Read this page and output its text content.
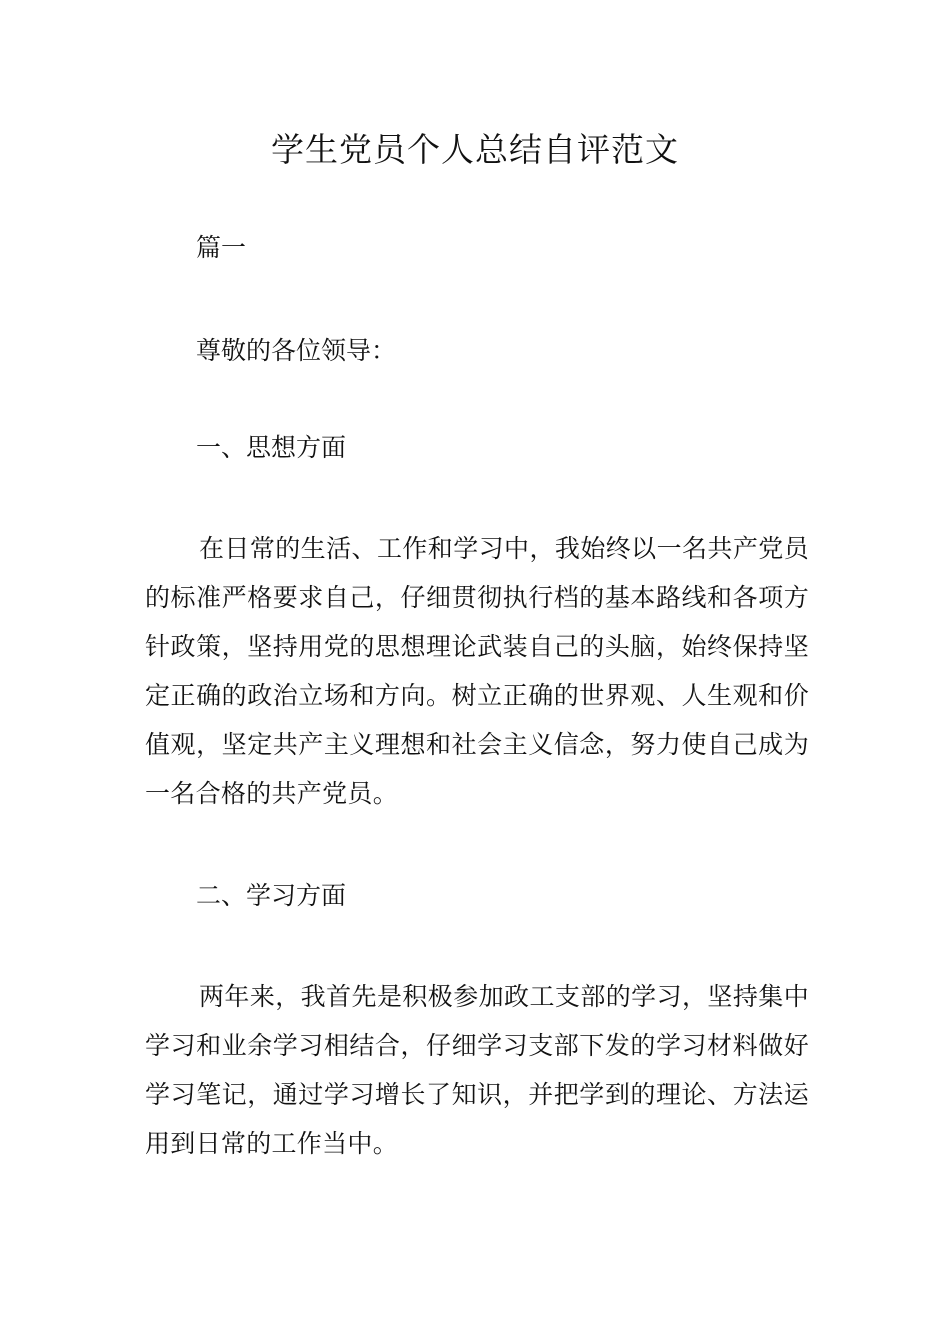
学生党员个人总结自评范文
篇一
尊敬的各位领导：
一、思想方面

在日常的生活、工作和学习中，我始终以一名共产党员的标准严格要求自己，仔细贯彻执行档的基本路线和各项方针政策，坚持用党的思想理论武装自己的头脑，始终保持坚定正确的政治立场和方向。树立正确的世界观、人生观和价值观，坚定共产主义理想和社会主义信念，努力使自己成为一名合格的共产党员。

二、学习方面

两年来，我首先是积极参加政工支部的学习，坚持集中学习和业余学习相结合，仔细学习支部下发的学习材料做好学习笔记，通过学习增长了知识，并把学到的理论、方法运用到日常的工作当中。
